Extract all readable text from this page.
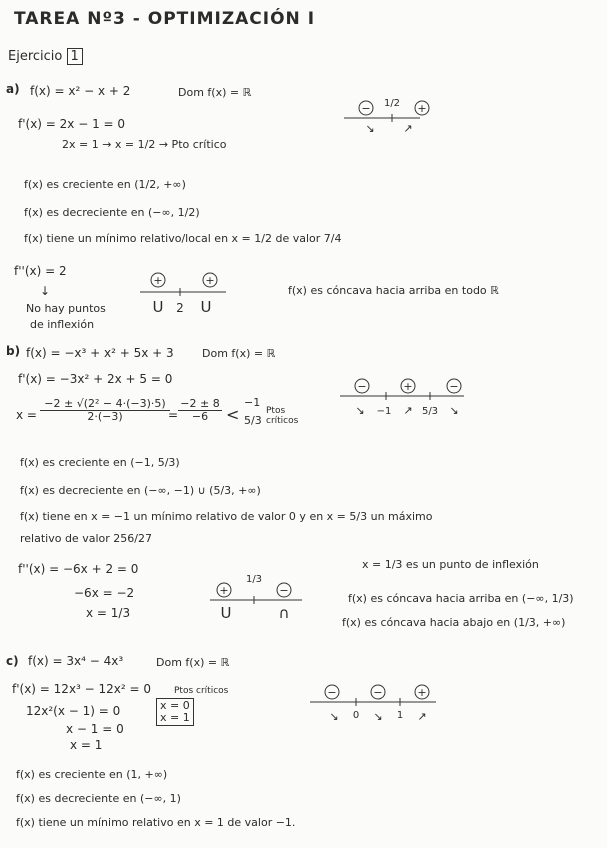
TAREA Nº3 - OPTIMIZACIÓN I
Ejercicio 1
a) f(x) = x² − x + 2	Dom f(x) = ℝ
− 1/2 +
↘	↗
f'(x) = 2x − 1 = 0
2x = 1 → x = 1/2 → Pto crítico
f(x) es creciente en (1/2, +∞)
f(x) es decreciente en (−∞, 1/2)
f(x) tiene un mínimo relativo/local en x = 1/2 de valor 7/4
f''(x) = 2
↓
No hay puntos
de inflexión
+	+
U 2 U
f(x) es cóncava hacia arriba en todo ℝ
b) f(x) = −x³ + x² + 5x + 3	Dom f(x) = ℝ
f'(x) = −3x² + 2x + 5 = 0
−	+	−
↘ −1 ↗ 5/3 ↘
$x = \frac{\text{−2 ± √(2² − 4·(−3)·5)}}{2\cdot(-3)}$
= $\frac{-2 \pm 8}{-6}$ <
−1
5/3
Ptos críticos
f(x) es creciente en (−1, 5/3)
f(x) es decreciente en (−∞, −1) ∪ (5/3, +∞)
f(x) tiene en x = −1 un mínimo relativo de valor 0 y en x = 5/3 un máximo
relativo de valor 256/27
f''(x) = −6x + 2 = 0
−6x = −2
x = 1/3
+
1/3
−
U	∩
x = 1/3 es un punto de inflexión
f(x) es cóncava hacia arriba en (−∞, 1/3)
f(x) es cóncava hacia abajo en (1/3, +∞)
c) f(x) = 3x⁴ − 4x³	Dom f(x) = ℝ
f'(x) = 12x³ − 12x² = 0	Ptos críticos
12x²(x − 1) = 0	x = 0
x = 1
x − 1 = 0
x = 1
−	−	+
↘ 0 ↘ 1 ↗
f(x) es creciente en (1, +∞)
f(x) es decreciente en (−∞, 1)
f(x) tiene un mínimo relativo en x = 1 de valor −1.
